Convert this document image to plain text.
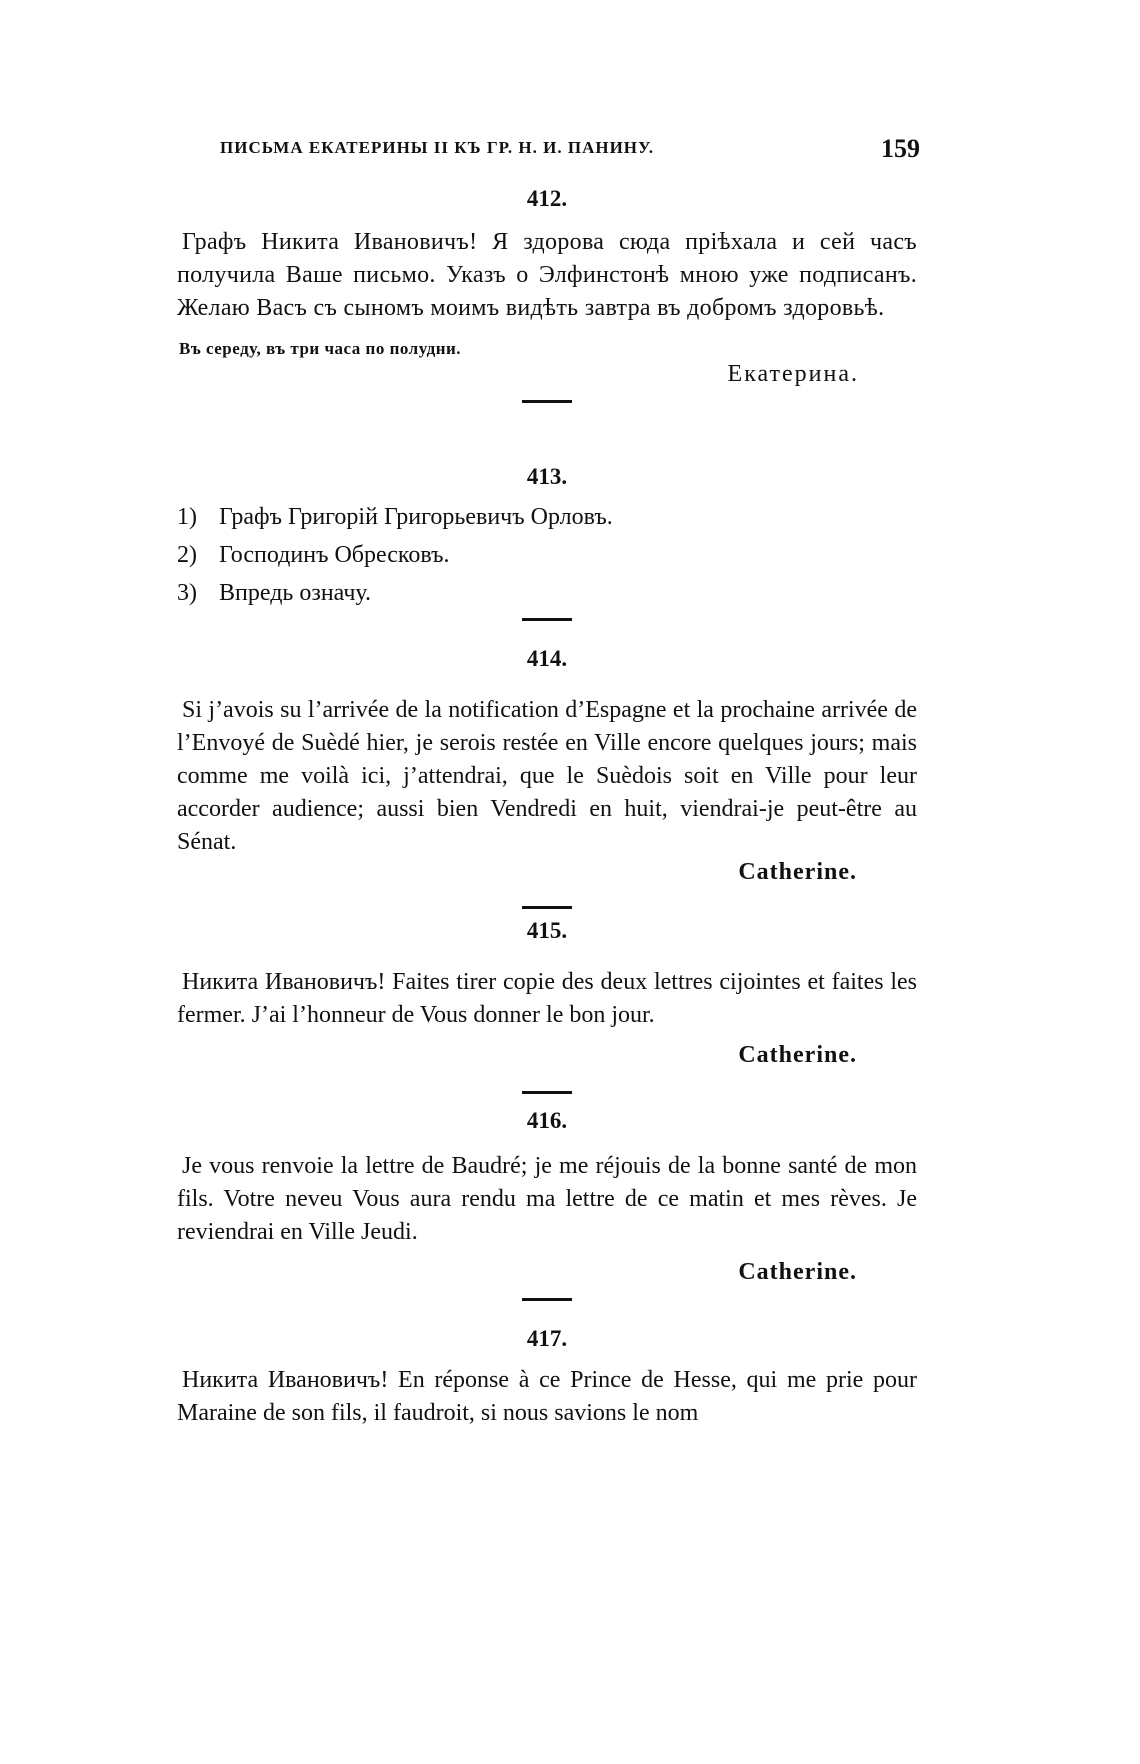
ПИСЬМА ЕКАТЕРИНЫ II КЪ ГР. Н. И. ПАНИНУ.	159
412.
Графъ Никита Ивановичъ! Я здорова сюда пріѣхала и сей часъ получила Ваше письмо. Указъ о Элфинстонѣ мною уже подписанъ. Желаю Васъ съ сыномъ моимъ видѣть завтра въ добромъ здоровьѣ.
Въ середу, въ три часа по полудни.
Екатерина.
413.
1) Графъ Григорій Григорьевичъ Орловъ.
2) Господинъ Обресковъ.
3) Впредь означу.
414.
Si j’avois su l’arrivée de la notification d’Espagne et la prochaine arrivée de l’Envoyé de Suèdé hier, je serois restée en Ville encore quelques jours; mais comme me voilà ici, j’attendrai, que le Suèdois soit en Ville pour leur accorder audience; aussi bien Vendredi en huit, viendrai-je peut-être au Sénat.
Catherine.
415.
Никита Ивановичъ! Faites tirer copie des deux lettres cijointes et faites les fermer. J’ai l’honneur de Vous donner le bon jour.
Catherine.
416.
Je vous renvoie la lettre de Baudré; je me réjouis de la bonne santé de mon fils. Votre neveu Vous aura rendu ma lettre de ce matin et mes rèves. Je reviendrai en Ville Jeudi.
Catherine.
417.
Никита Ивановичъ! En réponse à ce Prince de Hesse, qui me prie pour Maraine de son fils, il faudroit, si nous savions le nom
